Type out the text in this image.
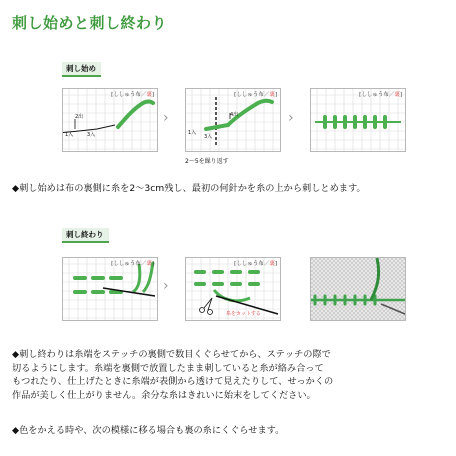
刺し始めと刺し終わり
刺し始め
[ししゅう布／裏]
1入
2出
3入
›
[ししゅう布／裏]
1入
3入
4出
2～5を繰り返す
›
[ししゅう布／裏]
◆刺し始めは布の裏側に糸を2～3cm残し、最初の何針かを糸の上から刺しとめます。
刺し終わり
[ししゅう布／裏]
›
[ししゅう布／裏]
糸をカットする
◆刺し終わりは糸端をステッチの裏側で数目くぐらせてから、ステッチの際で
切るようにします。糸端を裏側で放置したまま刺していると糸が絡み合って
もつれたり、仕上げたときに糸端が表側から透けて見えたりして、せっかくの
作品が美しく仕上がりません。余分な糸はきれいに始末をしてください。
◆色をかえる時や、次の模様に移る場合も裏の糸にくぐらせます。
